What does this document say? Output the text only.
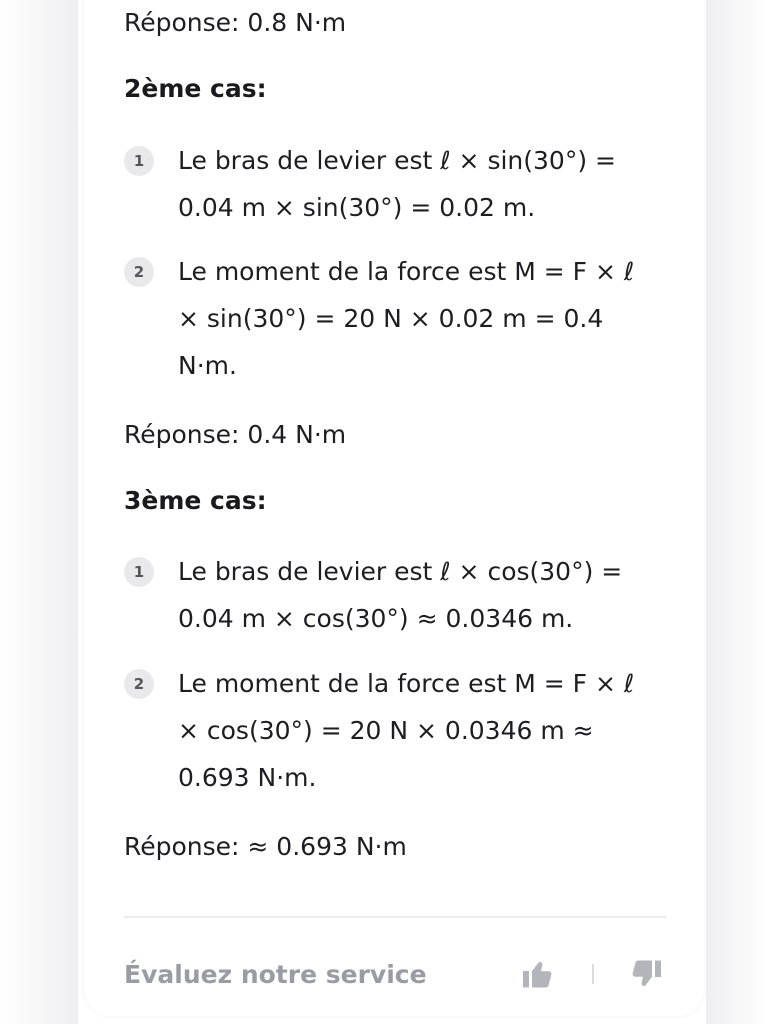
Réponse: 0.8 N·m
2ème cas:
1	Le bras de levier est ℓ × sin(30°) = 0.04 m × sin(30°) = 0.02 m.
2	Le moment de la force est M = F × ℓ × sin(30°) = 20 N × 0.02 m = 0.4 N·m.
Réponse: 0.4 N·m
3ème cas:
1	Le bras de levier est ℓ × cos(30°) = 0.04 m × cos(30°) ≈ 0.0346 m.
2	Le moment de la force est M = F × ℓ × cos(30°) = 20 N × 0.0346 m ≈ 0.693 N·m.
Réponse: ≈ 0.693 N·m
Évaluez notre service
